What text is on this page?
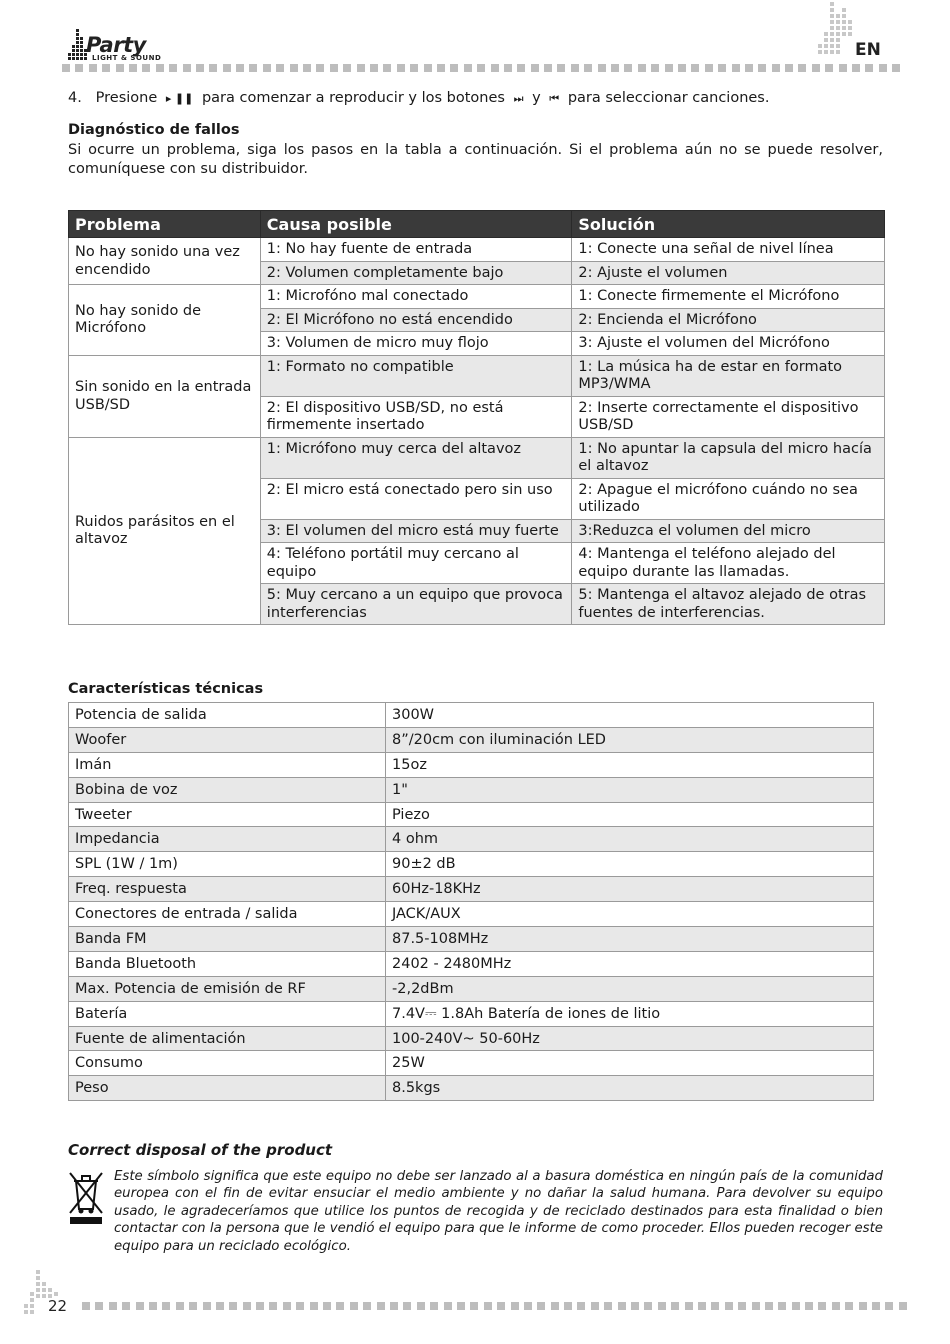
Party
LIGHT & SOUND	EN
4. Presione ▸ ❚❚ para comenzar a reproducir y los botones ⏭ y ⏮ para seleccionar canciones.
Diagnóstico de fallos
Si ocurre un problema, siga los pasos en la tabla a continuación. Si el problema aún no se puede resolver, comuníquese con su distribuidor.
Problema	Causa posible	Solución
No hay sonido una vez encendido	1: No hay fuente de entrada	1: Conecte una señal de nivel línea
	2: Volumen completamente bajo	2: Ajuste el volumen
No hay sonido de Micrófono	1: Microfóno mal conectado	1: Conecte firmemente el Micrófono
	2: El Micrófono no está encendido	2: Encienda el Micrófono
	3: Volumen de micro muy flojo	3: Ajuste el volumen del Micrófono
Sin sonido en la entrada USB/SD	1: Formato no compatible	1: La música ha de estar en formato MP3/WMA
	2: El dispositivo USB/SD, no está firmemente insertado	2: Inserte correctamente el dispositivo USB/SD
Ruidos parásitos en el altavoz	1: Micrófono muy cerca del altavoz	1: No apuntar la capsula del micro hacía el altavoz
	2: El micro está conectado pero sin uso	2: Apague el micrófono cuándo no sea utilizado
	3: El volumen del micro está muy fuerte	3:Reduzca el volumen del micro
	4: Teléfono portátil muy cercano al equipo	4: Mantenga el teléfono alejado del equipo durante las llamadas.
	5: Muy cercano a un equipo que provoca interferencias	5: Mantenga el altavoz alejado de otras fuentes de interferencias.
Características técnicas
Potencia de salida	300W
Woofer	8”/20cm con iluminación LED
Imán	15oz
Bobina de voz	1"
Tweeter	Piezo
Impedancia	4 ohm
SPL (1W / 1m)	90±2 dB
Freq. respuesta	60Hz-18KHz
Conectores de entrada / salida	JACK/AUX
Banda FM	87.5-108MHz
Banda Bluetooth	2402 - 2480MHz
Max. Potencia de emisión de RF	-2,2dBm
Batería	7.4V⎓ 1.8Ah Batería de iones de litio
Fuente de alimentación	100-240V~ 50-60Hz
Consumo	25W
Peso	8.5kgs
Correct disposal of the product
Este símbolo significa que este equipo no debe ser lanzado al a basura doméstica en ningún país de la comunidad europea con el fin de evitar ensuciar el medio ambiente y no dañar la salud humana. Para devolver su equipo usado, le agradeceríamos que utilice los puntos de recogida y de reciclado destinados para esta finalidad o bien contactar con la persona que le vendió el equipo para que le informe de como proceder. Ellos pueden recoger este equipo para un reciclado ecológico.
22
